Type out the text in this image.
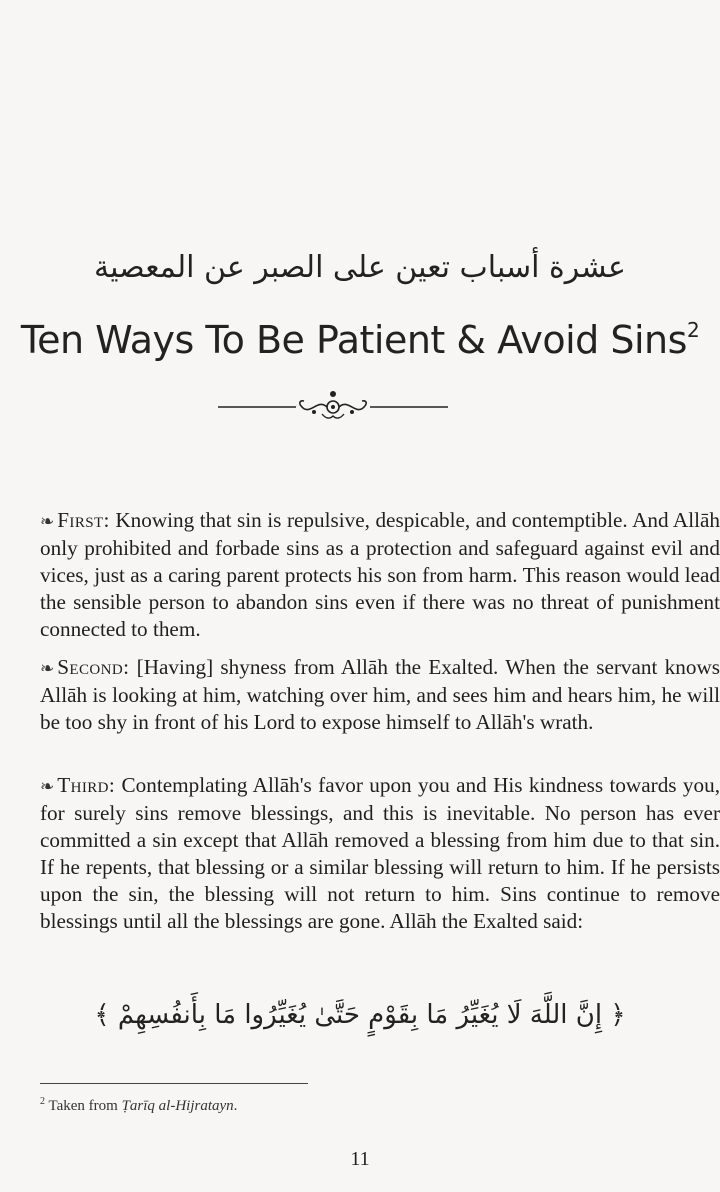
عشرة أسباب تعين على الصبر عن المعصية
Ten Ways To Be Patient & Avoid Sins$^2$

❧ First: Knowing that sin is repulsive, despicable, and contemptible. And Allāh only prohibited and forbade sins as a protection and safeguard against evil and vices, just as a caring parent protects his son from harm. This reason would lead the sensible person to abandon sins even if there was no threat of punishment connected to them.

❧ Second: [Having] shyness from Allāh the Exalted. When the servant knows Allāh is looking at him, watching over him, and sees him and hears him, he will be too shy in front of his Lord to expose himself to Allāh's wrath.

❧ Third: Contemplating Allāh's favor upon you and His kindness towards you, for surely sins remove blessings, and this is inevitable. No person has ever committed a sin except that Allāh removed a blessing from him due to that sin. If he repents, that blessing or a similar blessing will return to him. If he persists upon the sin, the blessing will not return to him. Sins continue to remove blessings until all the blessings are gone. Allāh the Exalted said:

﴿ إِنَّ اللَّهَ لَا يُغَيِّرُ مَا بِقَوْمٍ حَتَّىٰ يُغَيِّرُوا مَا بِأَنفُسِهِمْ ﴾
$^2$ Taken from Ṭarīq al-Hijratayn.
11
